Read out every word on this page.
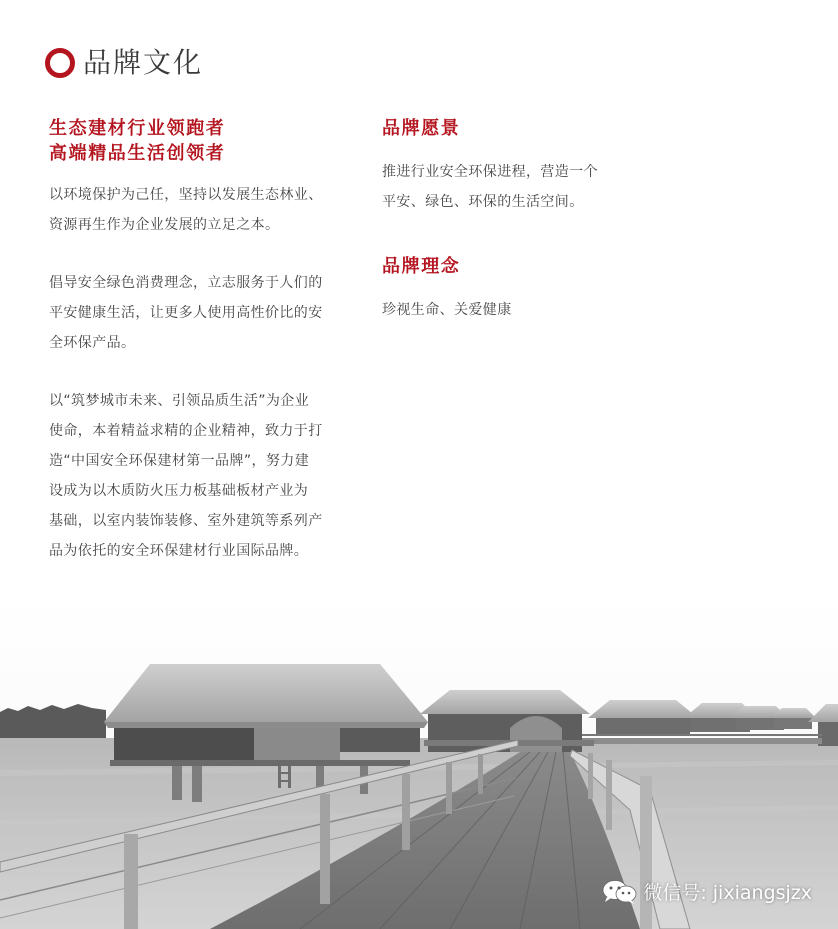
品牌文化
生态建材行业领跑者
高端精品生活创领者
以环境保护为己任，坚持以发展生态林业、
资源再生作为企业发展的立足之本。
倡导安全绿色消费理念，立志服务于人们的
平安健康生活，让更多人使用高性价比的安
全环保产品。
以“筑梦城市未来、引领品质生活”为企业
使命，本着精益求精的企业精神，致力于打
造“中国安全环保建材第一品牌”，努力建
设成为以木质防火压力板基础板材产业为
基础，以室内装饰装修、室外建筑等系列产
品为依托的安全环保建材行业国际品牌。
品牌愿景
推进行业安全环保进程，营造一个
平安、绿色、环保的生活空间。
品牌理念
珍视生命、关爱健康
微信号: jixiangsjzx
